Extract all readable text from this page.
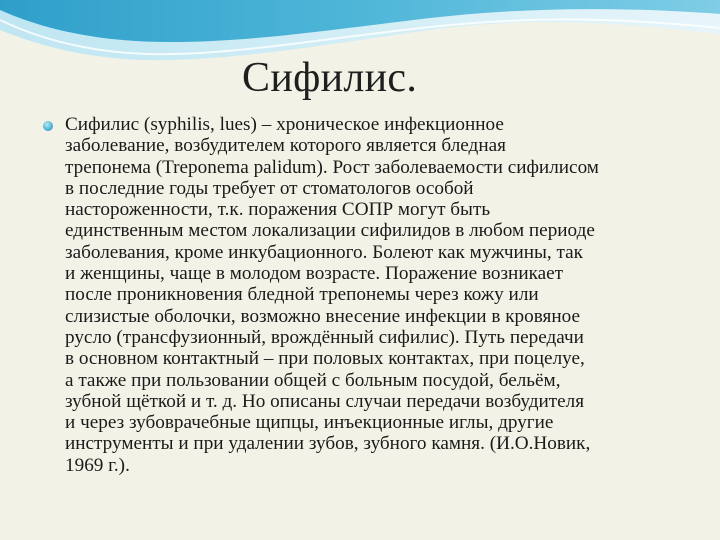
Сифилис.

Сифилис (syphilis, lues) – хроническое инфекционное
заболевание, возбудителем которого является бледная
трепонема (Treponema palidum). Рост заболеваемости сифилисом
в последние годы требует от стоматологов особой
настороженности, т.к. поражения СОПР могут быть
единственным местом локализации сифилидов в любом периоде
заболевания, кроме инкубационного. Болеют как мужчины, так
и женщины, чаще в молодом возрасте. Поражение возникает
после проникновения бледной трепонемы через кожу или
слизистые оболочки, возможно внесение инфекции в кровяное
русло (трансфузионный, врождённый сифилис). Путь передачи
в основном контактный – при половых контактах, при поцелуе,
а также при пользовании общей с больным посудой, бельём,
зубной щёткой и т. д. Но описаны случаи передачи возбудителя
и через зубоврачебные щипцы, инъекционные иглы, другие
инструменты и при удалении зубов, зубного камня. (И.О.Новик,
1969 г.).
